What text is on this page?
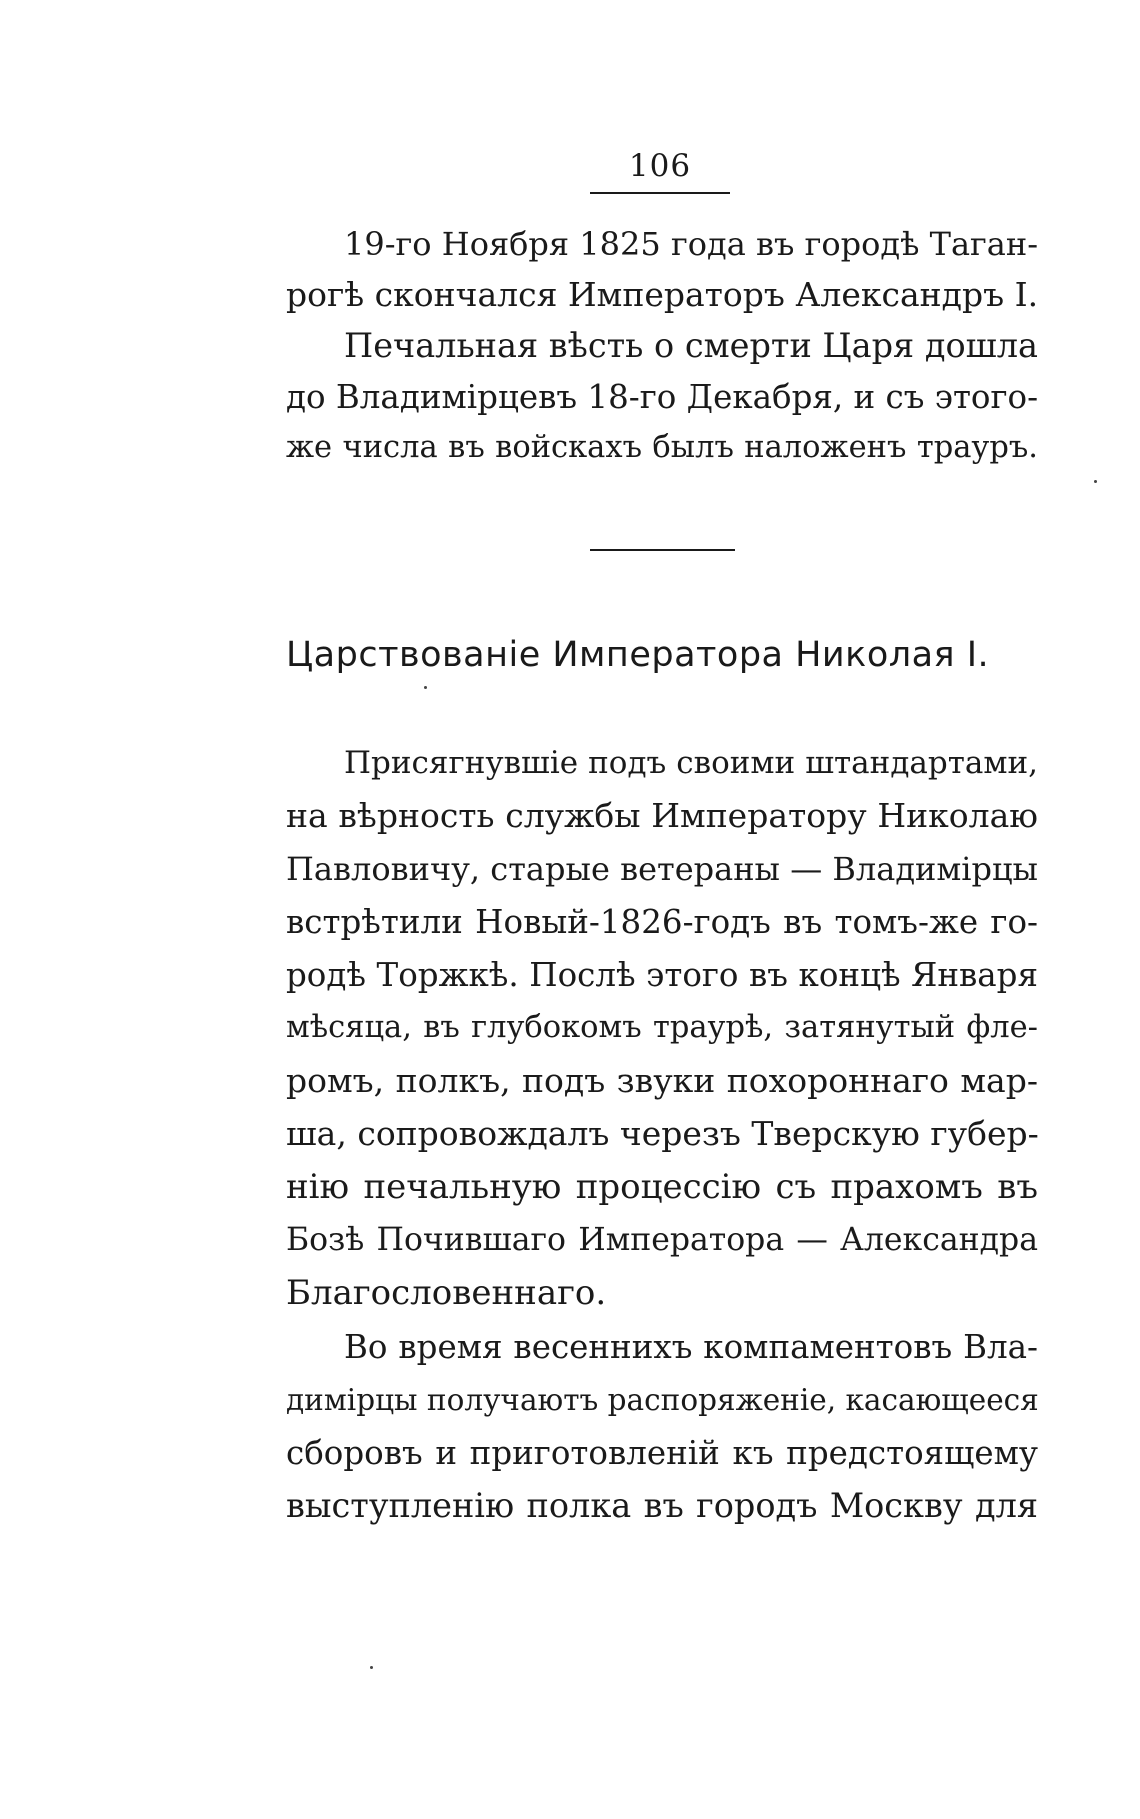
106
19-го Ноября 1825 года въ городѣ Таган-
рогѣ скончался Императоръ Александръ I.
Печальная вѣсть о смерти Царя дошла
до Владимірцевъ 18-го Декабря, и съ этого-
же числа въ войскахъ былъ наложенъ трауръ.
Царствованіе Императора Николая I.
Присягнувшіе подъ своими штандартами,
на вѣрность службы Императору Николаю
Павловичу, старые ветераны — Владимірцы
встрѣтили Новый-1826-годъ въ томъ-же го-
родѣ Торжкѣ. Послѣ этого въ концѣ Января
мѣсяца, въ глубокомъ траурѣ, затянутый фле-
ромъ, полкъ, подъ звуки похороннаго мар-
ша, сопровождалъ черезъ Тверскую губер-
нію печальную процессію съ прахомъ въ
Бозѣ Почившаго Императора — Александра
Благословеннаго.
Во время весеннихъ компаментовъ Вла-
димірцы получаютъ распоряженіе, касающееся
сборовъ и приготовленій къ предстоящему
выступленію полка въ городъ Москву для
